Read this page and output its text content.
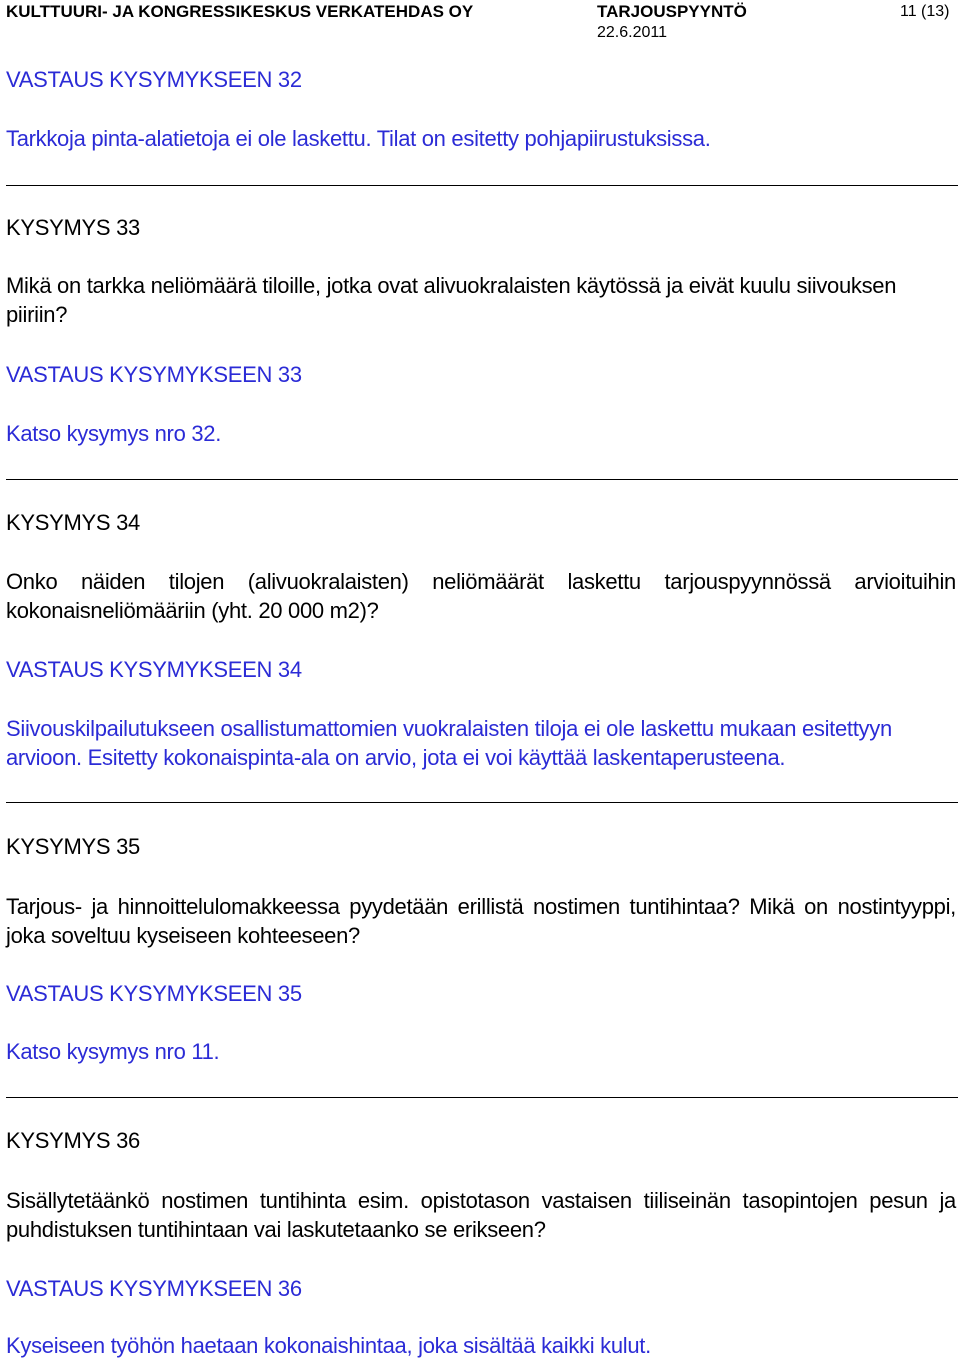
KULTTUURI- JA KONGRESSIKESKUS VERKATEHDAS OY	TARJOUSPYYNTÖ
22.6.2011
11 (13)
VASTAUS KYSYMYKSEEN 32
Tarkkoja pinta-alatietoja ei ole laskettu. Tilat on esitetty pohjapiirustuksissa.
KYSYMYS 33
Mikä on tarkka neliömäärä tiloille, jotka ovat alivuokralaisten käytössä ja eivät kuulu siivouksen piiriin?
VASTAUS KYSYMYKSEEN 33
Katso kysymys nro 32.
KYSYMYS 34
Onko näiden tilojen (alivuokralaisten) neliömäärät laskettu tarjouspyynnössä arvioituihin kokonaisneliömääriin (yht. 20 000 m2)?
VASTAUS KYSYMYKSEEN 34
Siivouskilpailutukseen osallistumattomien vuokralaisten tiloja ei ole laskettu mukaan esitettyyn arvioon. Esitetty kokonaispinta-ala on arvio, jota ei voi käyttää laskentaperusteena.
KYSYMYS 35
Tarjous- ja hinnoittelulomakkeessa pyydetään erillistä nostimen tuntihintaa? Mikä on nostintyyppi, joka soveltuu kyseiseen kohteeseen?
VASTAUS KYSYMYKSEEN 35
Katso kysymys nro 11.
KYSYMYS 36
Sisällytetäänkö nostimen tuntihinta esim. opistotason vastaisen tiiliseinän tasopintojen pesun ja puhdistuksen tuntihintaan vai laskutetaanko se erikseen?
VASTAUS KYSYMYKSEEN 36
Kyseiseen työhön haetaan kokonaishintaa, joka sisältää kaikki kulut.
